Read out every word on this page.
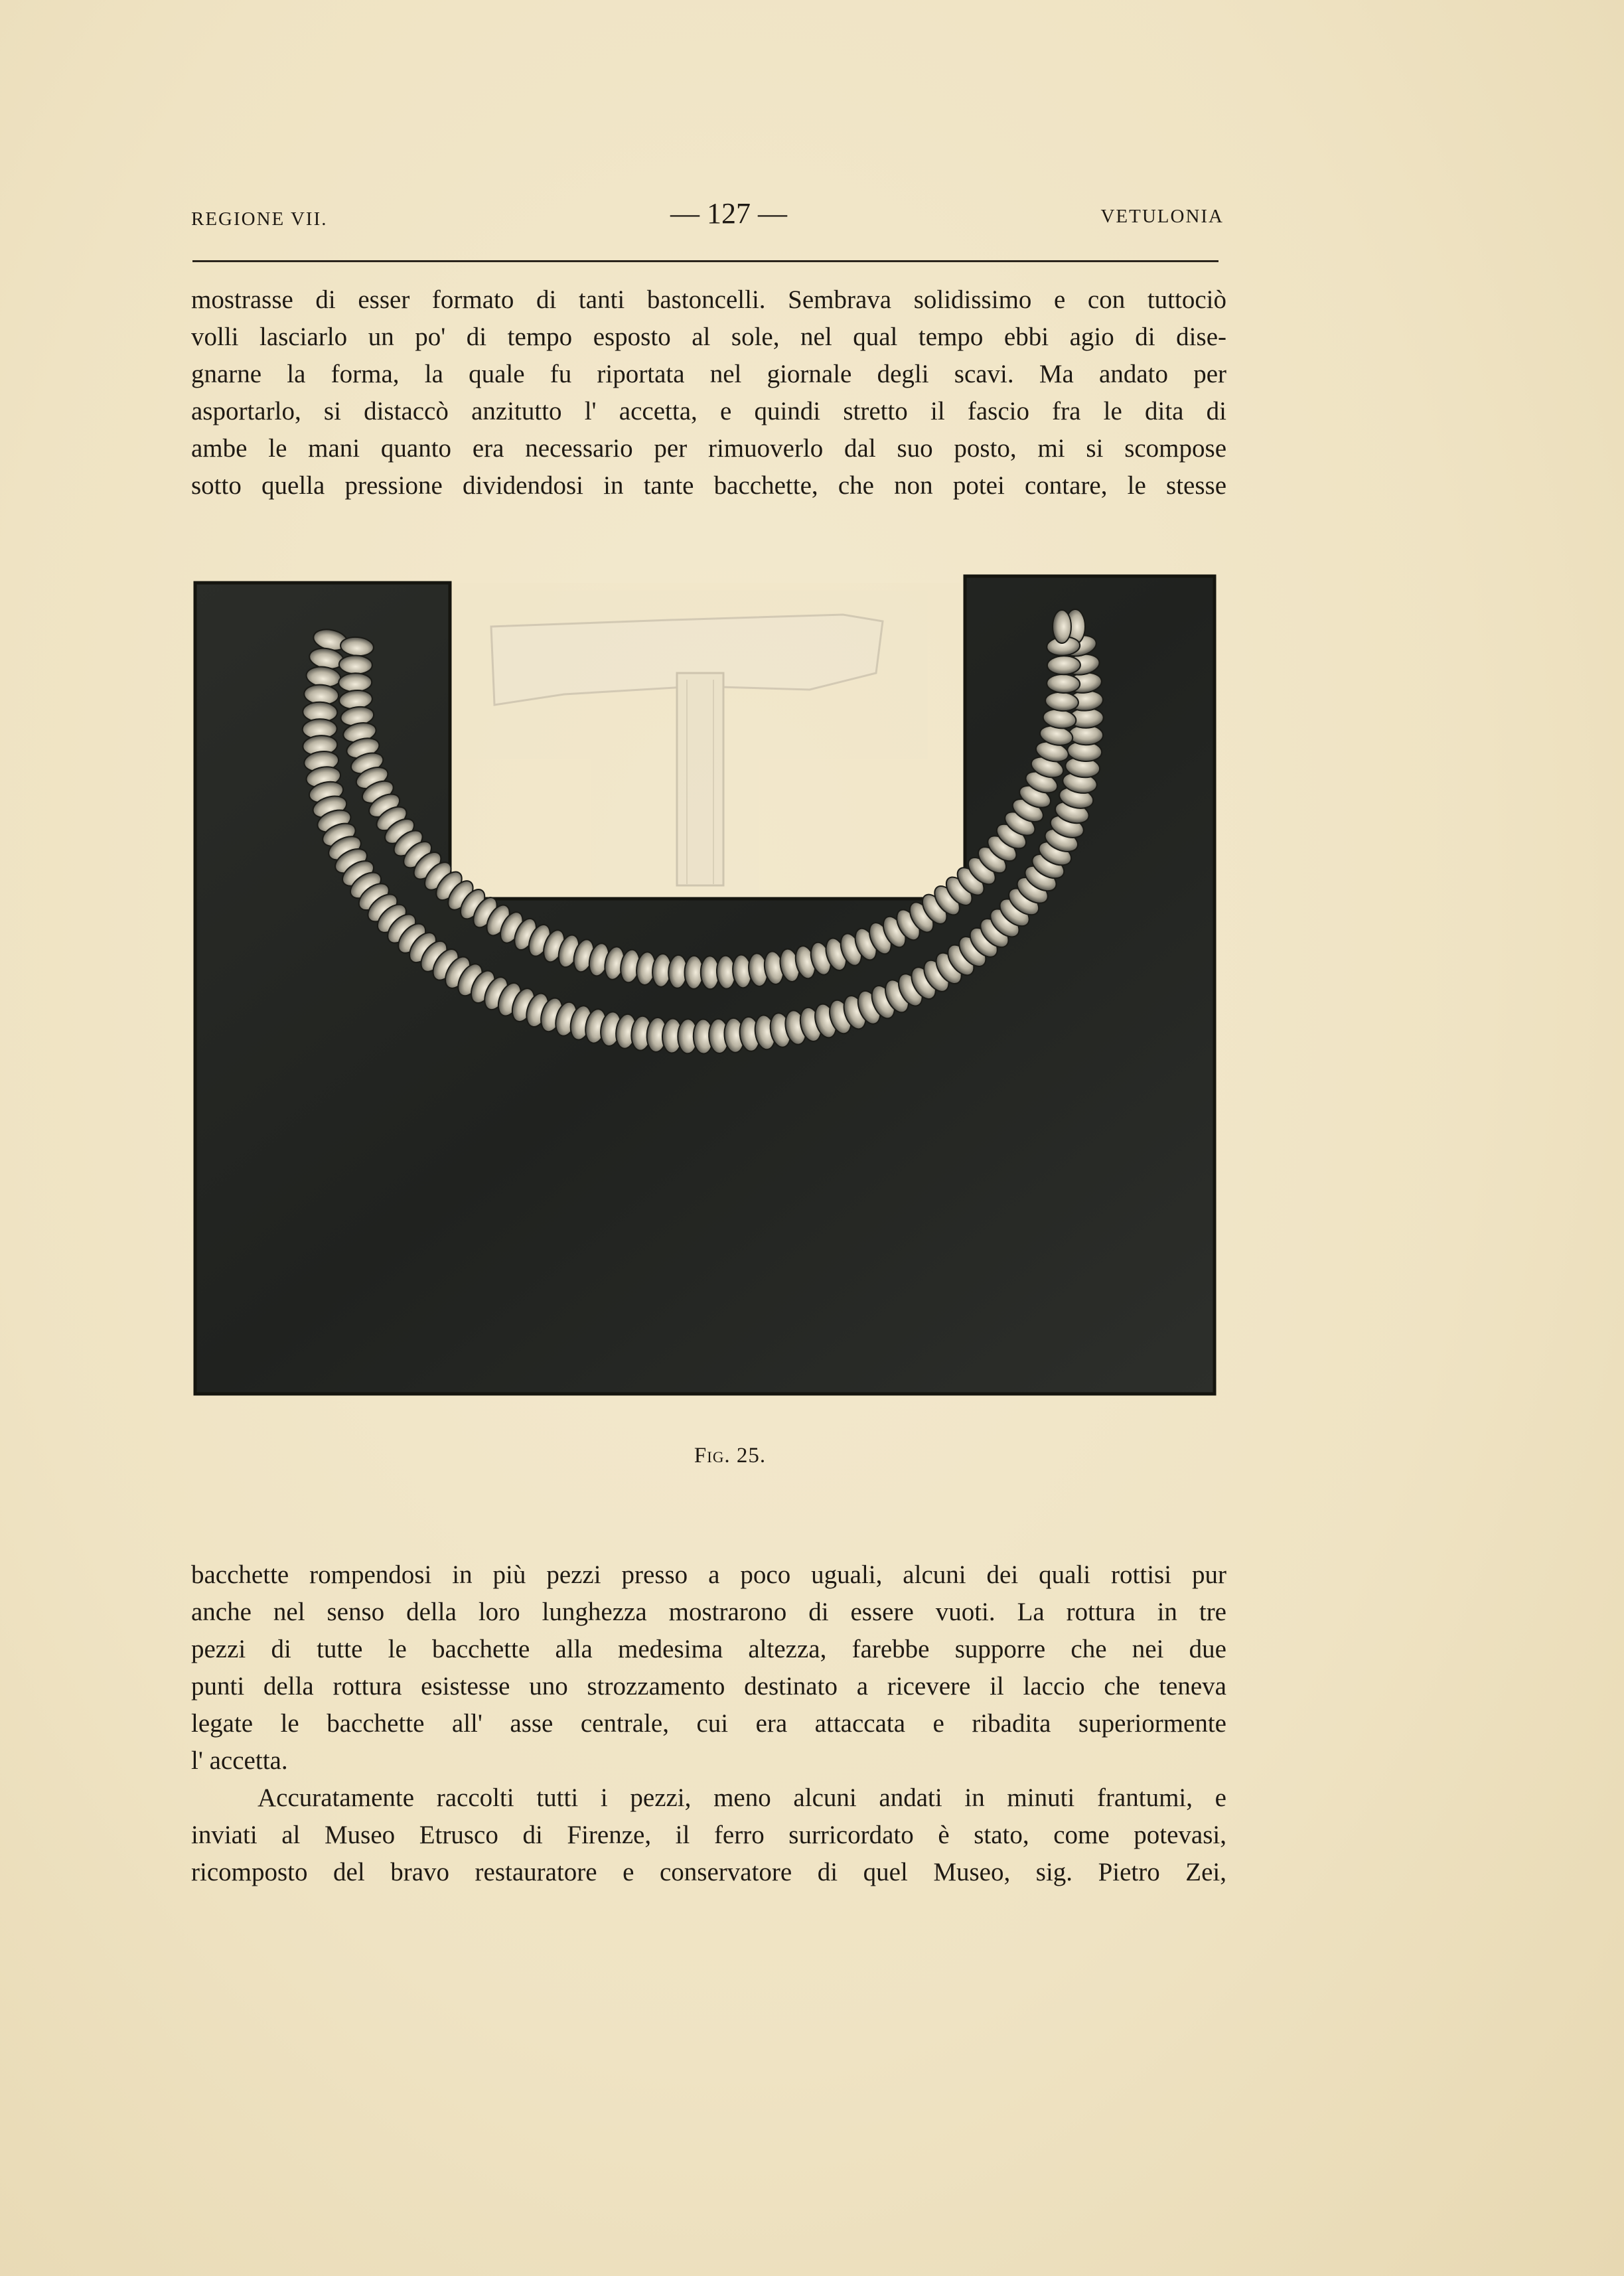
REGIONE VII.	— 127 —	VETULONIA
mostrasse di esser formato di tanti bastoncelli. Sembrava solidissimo e con tuttociò
volli lasciarlo un po' di tempo esposto al sole, nel qual tempo ebbi agio di dise-
gnarne la forma, la quale fu riportata nel giornale degli scavi. Ma andato per
asportarlo, si distaccò anzitutto l' accetta, e quindi stretto il fascio fra le dita di
ambe le mani quanto era necessario per rimuoverlo dal suo posto, mi si scompose
sotto quella pressione dividendosi in tante bacchette, che non potei contare, le stesse
Fig. 25.
bacchette rompendosi in più pezzi presso a poco uguali, alcuni dei quali rottisi pur
anche nel senso della loro lunghezza mostrarono di essere vuoti. La rottura in tre
pezzi di tutte le bacchette alla medesima altezza, farebbe supporre che nei due
punti della rottura esistesse uno strozzamento destinato a ricevere il laccio che teneva
legate le bacchette all' asse centrale, cui era attaccata e ribadita superiormente
l' accetta.
Accuratamente raccolti tutti i pezzi, meno alcuni andati in minuti frantumi, e
inviati al Museo Etrusco di Firenze, il ferro surricordato è stato, come potevasi,
ricomposto del bravo restauratore e conservatore di quel Museo, sig. Pietro Zei,
